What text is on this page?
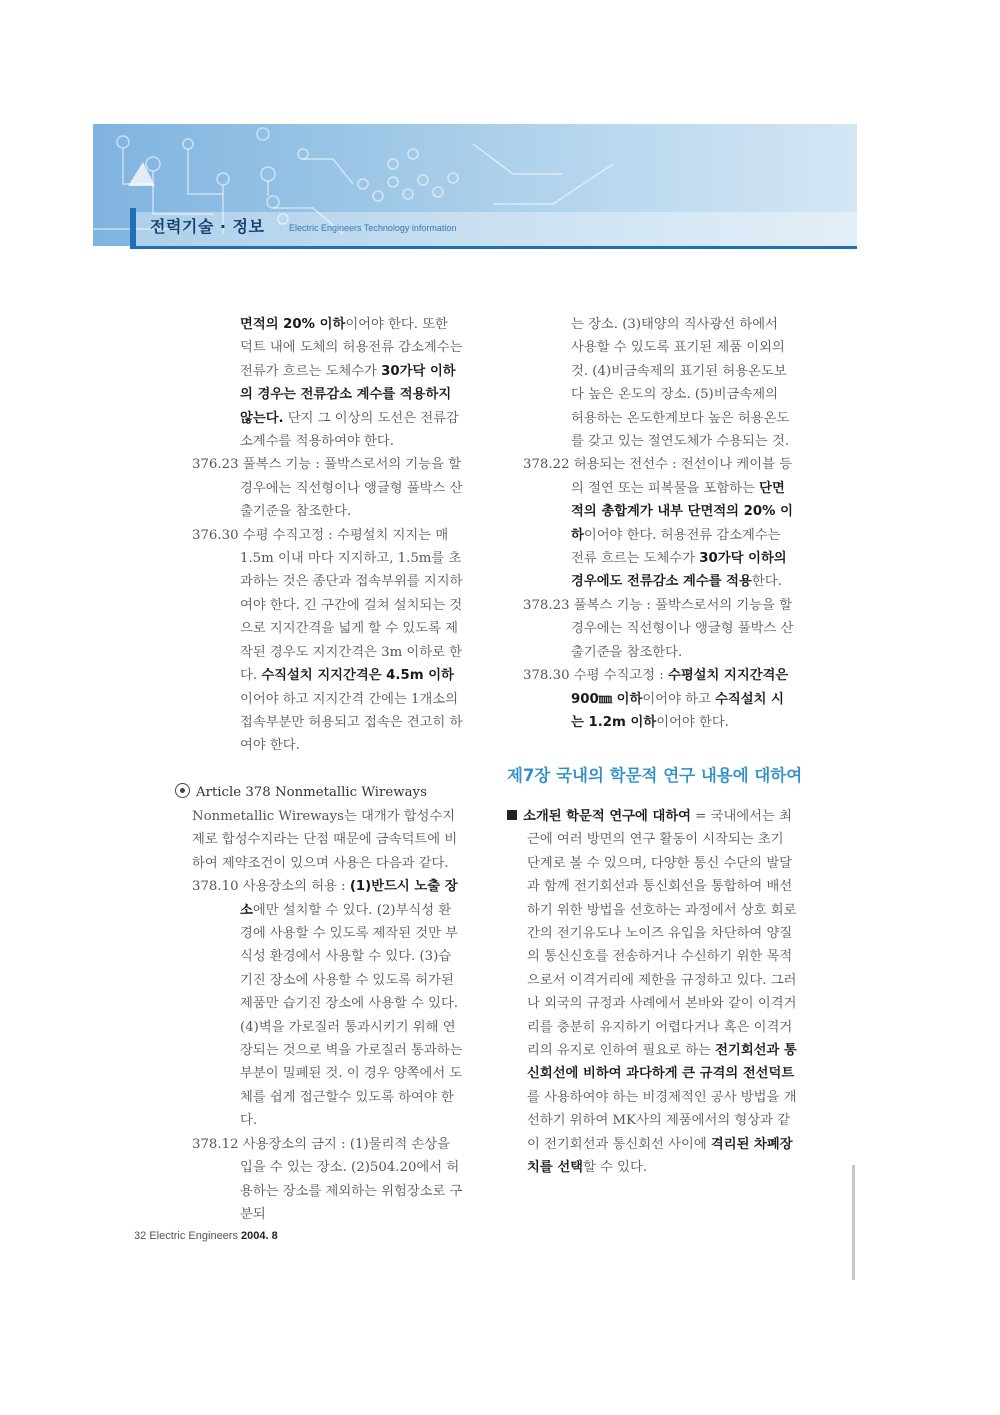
전력기술 · 정보	Electric Engineers Technology information

면적의 20% 이하이어야 한다. 또한 덕트 내에 도체의 허용전류 감소계수는 전류가 흐르는 도체수가 30가닥 이하의 경우는 전류감소 계수를 적용하지 않는다. 단지 그 이상의 도선은 전류감소계수를 적용하여야 한다.

376.23 풀복스 기능 : 풀박스로서의 기능을 할 경우에는 직선형이나 앵글형 풀박스 산출기준을 참조한다.

376.30 수평 수직고정 : 수평설치 지지는 매 1.5m 이내 마다 지지하고, 1.5m를 초과하는 것은 종단과 접속부위를 지지하여야 한다. 긴 구간에 걸쳐 설치되는 것으로 지지간격을 넓게 할 수 있도록 제작된 경우도 지지간격은 3m 이하로 한다. 수직설치 지지간격은 4.5m 이하이어야 하고 지지간격 간에는 1개소의 접속부분만 허용되고 접속은 견고히 하여야 한다.

Article 378 Nonmetallic Wireways

Nonmetallic Wireways는 대개가 합성수지제로 합성수지라는 단점 때문에 금속덕트에 비하여 제약조건이 있으며 사용은 다음과 같다.

378.10 사용장소의 허용 : (1)반드시 노출 장소에만 설치할 수 있다. (2)부식성 환경에 사용할 수 있도록 제작된 것만 부식성 환경에서 사용할 수 있다. (3)습기진 장소에 사용할 수 있도록 허가된 제품만 습기진 장소에 사용할 수 있다. (4)벽을 가로질러 통과시키기 위해 연장되는 것으로 벽을 가로질러 통과하는 부분이 밀폐된 것. 이 경우 양쪽에서 도체를 쉽게 접근할수 있도록 하여야 한다.

378.12 사용장소의 금지 : (1)물리적 손상을 입을 수 있는 장소. (2)504.20에서 허용하는 장소를 제외하는 위험장소로 구분되

는 장소. (3)태양의 직사광선 하에서 사용할 수 있도록 표기된 제품 이외의 것. (4)비금속제의 표기된 허용온도보다 높은 온도의 장소. (5)비금속제의 허용하는 온도한계보다 높은 허용온도를 갖고 있는 절연도체가 수용되는 것.

378.22 허용되는 전선수 : 전선이나 케이블 등의 절연 또는 피복물을 포함하는 단면적의 총합계가 내부 단면적의 20% 이하이어야 한다. 허용전류 감소계수는 전류 흐르는 도체수가 30가닥 이하의 경우에도 전류감소 계수를 적용한다.

378.23 풀복스 기능 : 풀박스로서의 기능을 할 경우에는 직선형이나 앵글형 풀박스 산출기준을 참조한다.

378.30 수평 수직고정 : 수평설치 지지간격은 900㎜ 이하이어야 하고 수직설치 시는 1.2m 이하이어야 한다.

제7장 국내의 학문적 연구 내용에 대하여

소개된 학문적 연구에 대하여 = 국내에서는 최근에 여러 방면의 연구 활동이 시작되는 초기 단계로 볼 수 있으며, 다양한 통신 수단의 발달과 함께 전기회선과 통신회선을 통합하여 배선하기 위한 방법을 선호하는 과정에서 상호 회로간의 전기유도나 노이즈 유입을 차단하여 양질의 통신신호를 전송하거나 수신하기 위한 목적으로서 이격거리에 제한을 규정하고 있다. 그러나 외국의 규정과 사례에서 본바와 같이 이격거리를 충분히 유지하기 어렵다거나 혹은 이격거리의 유지로 인하여 필요로 하는 전기회선과 통신회선에 비하여 과다하게 큰 규격의 전선덕트를 사용하여야 하는 비경제적인 공사 방법을 개선하기 위하여 MK사의 제품에서의 형상과 같이 전기회선과 통신회선 사이에 격리된 차폐장치를 선택할 수 있다.

32 Electric Engineers 2004. 8
